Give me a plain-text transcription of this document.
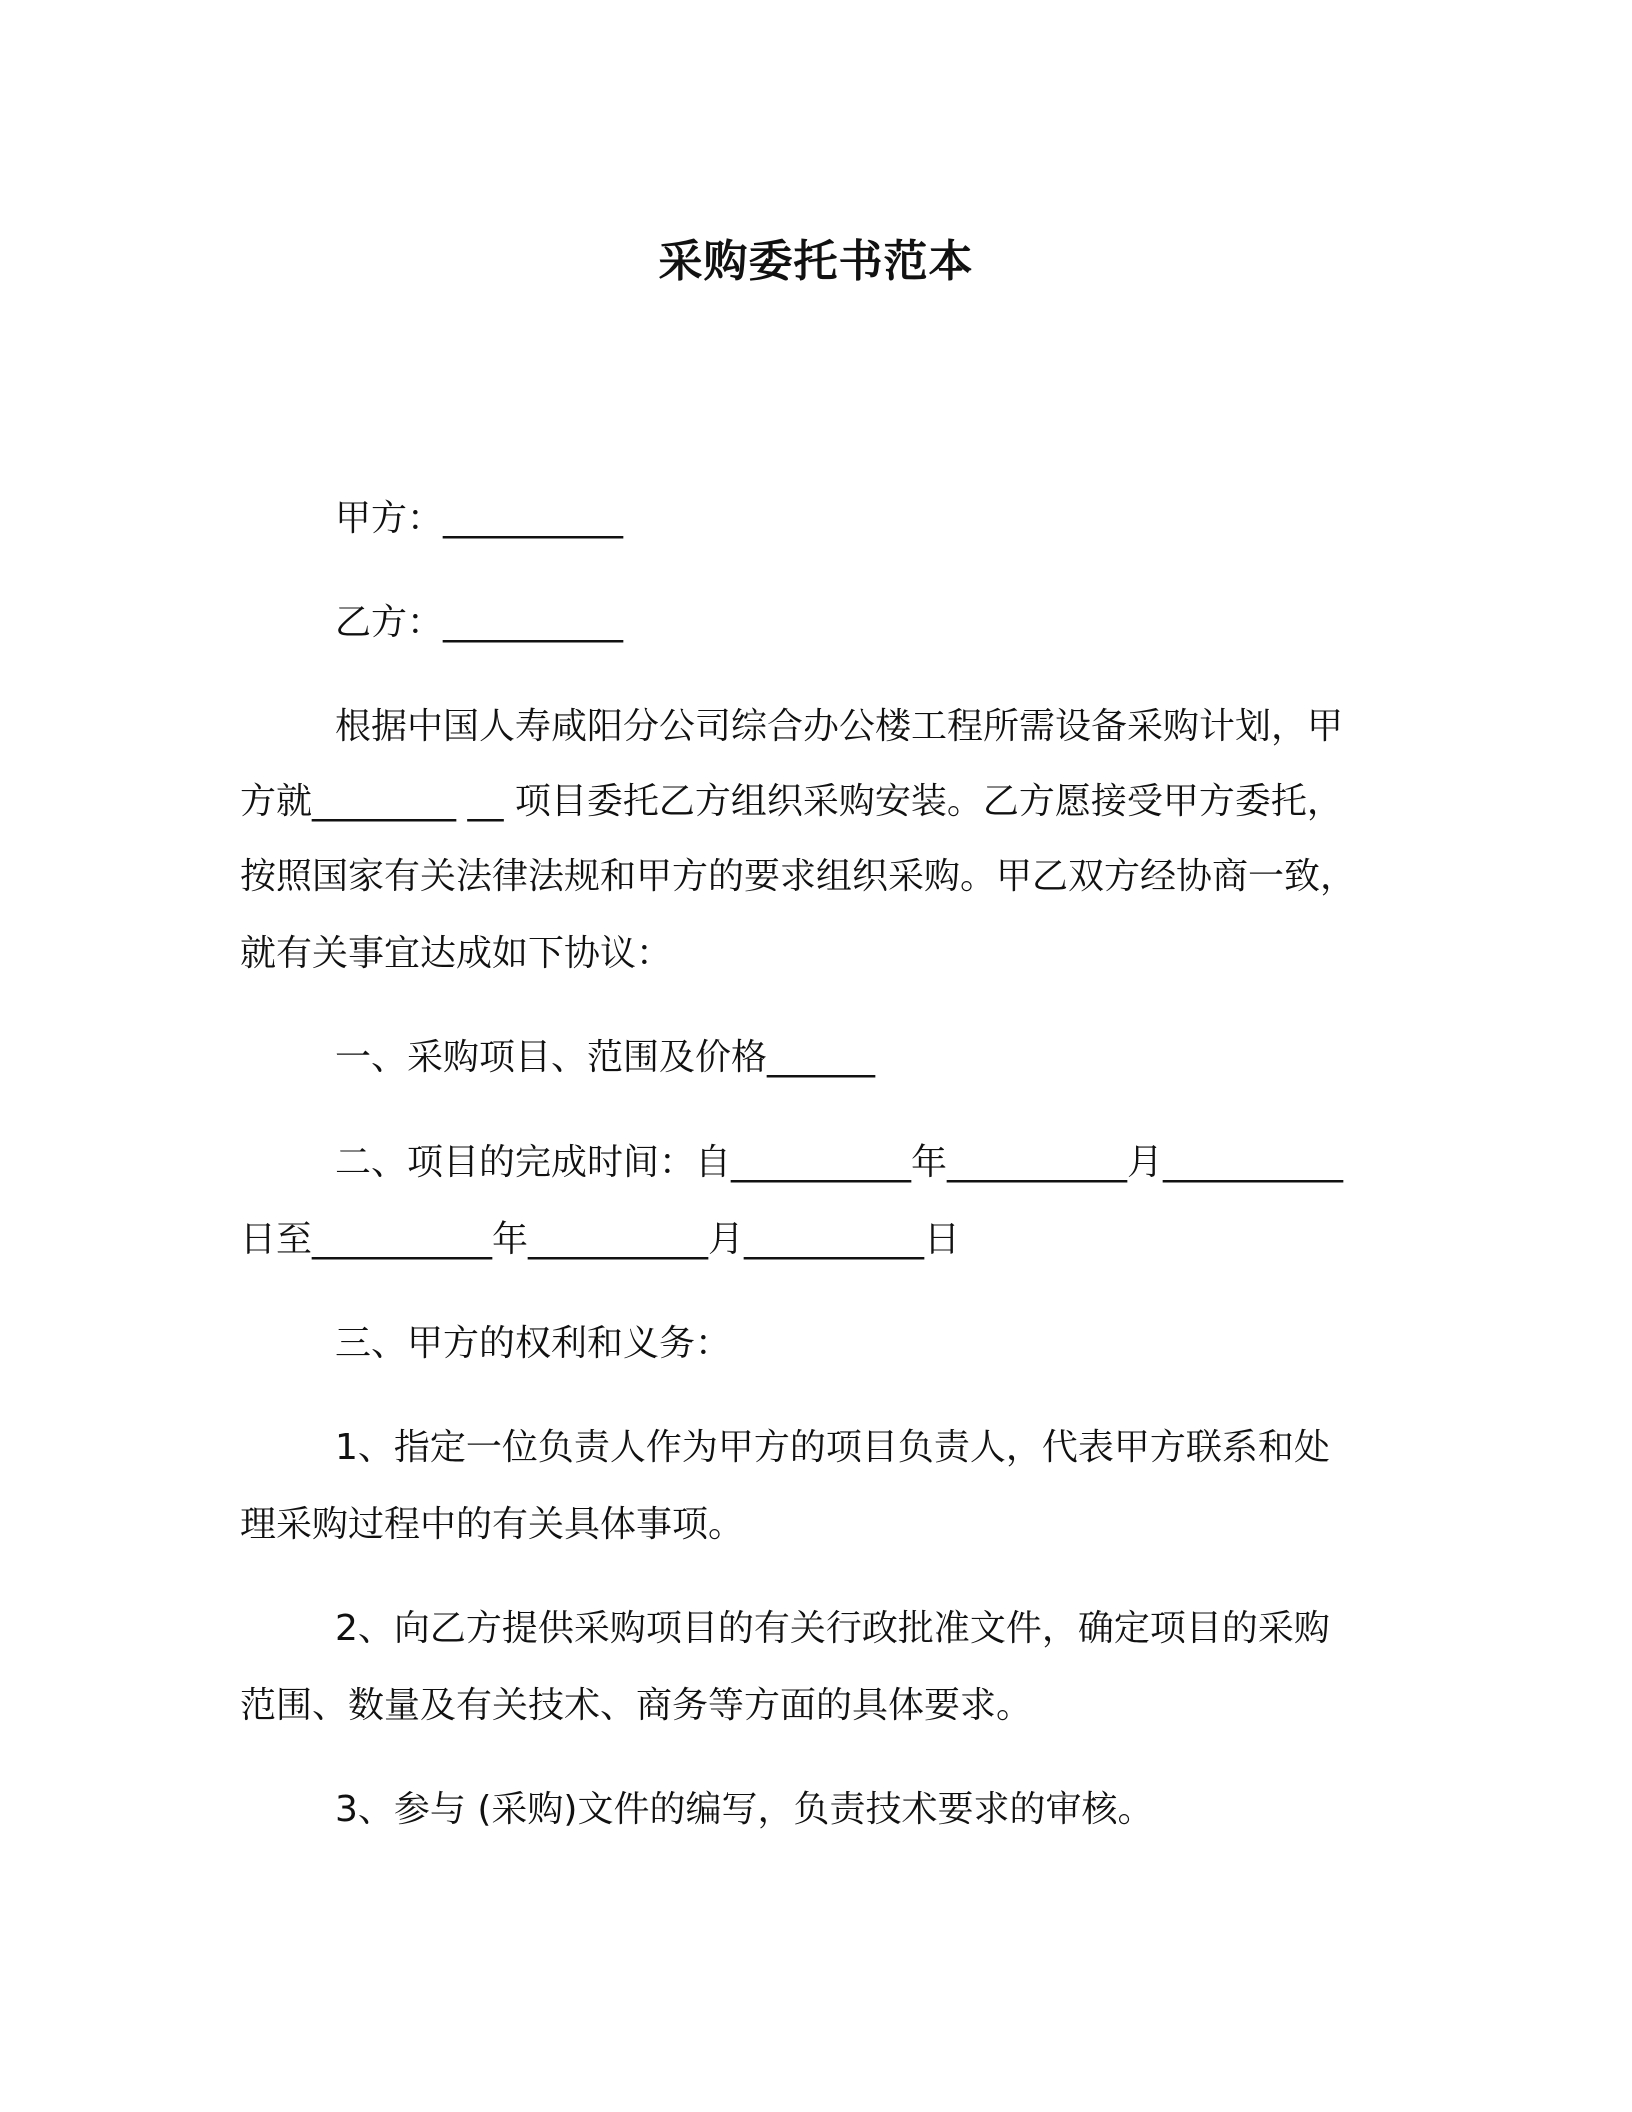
采购委托书范本
甲方：__________
乙方：__________
根据中国人寿咸阳分公司综合办公楼工程所需设备采购计划，甲
方就________ __ 项目委托乙方组织采购安装。乙方愿接受甲方委托，
按照国家有关法律法规和甲方的要求组织采购。甲乙双方经协商一致，
就有关事宜达成如下协议：
一、采购项目、范围及价格______
二、项目的完成时间：自__________年__________月__________
日至__________年__________月__________日
三、甲方的权利和义务：
1、指定一位负责人作为甲方的项目负责人，代表甲方联系和处
理采购过程中的有关具体事项。
2、向乙方提供采购项目的有关行政批准文件，确定项目的采购
范围、数量及有关技术、商务等方面的具体要求。
3、参与 (采购)文件的编写，负责技术要求的审核。
